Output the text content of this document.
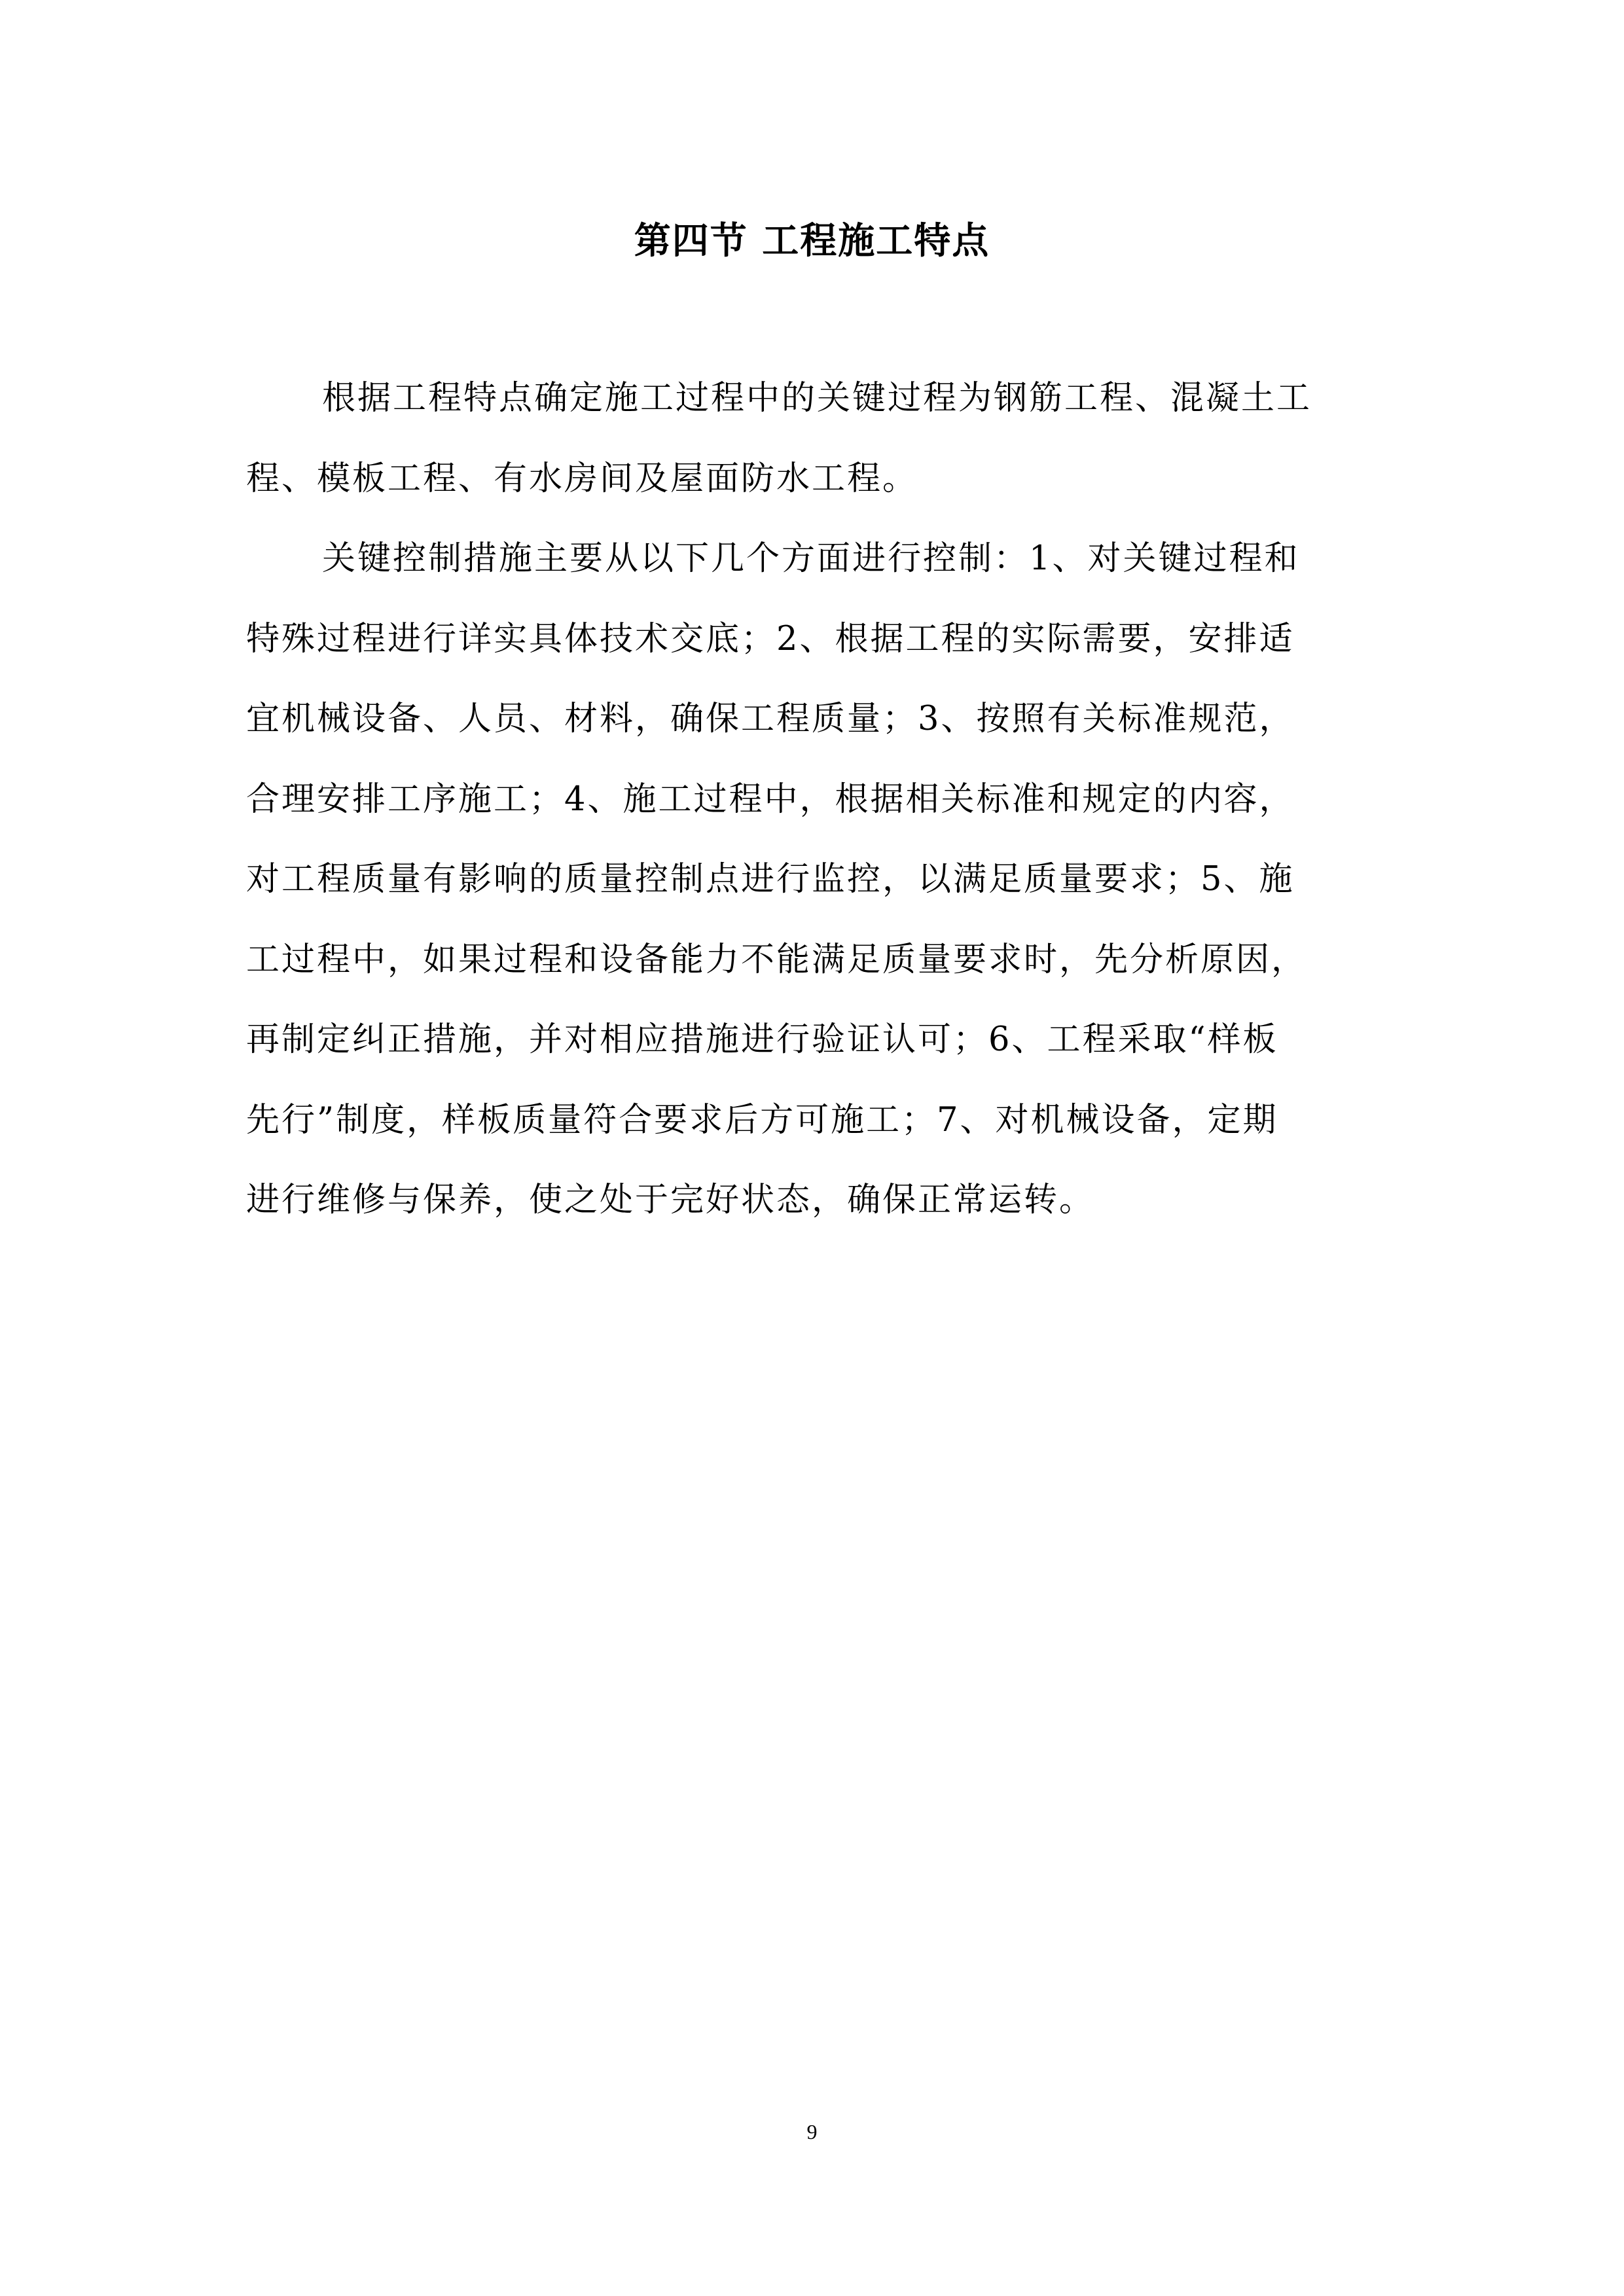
第四节 工程施工特点
根据工程特点确定施工过程中的关键过程为钢筋工程、混凝土工
程、模板工程、有水房间及屋面防水工程。
关键控制措施主要从以下几个方面进行控制：1、对关键过程和
特殊过程进行详实具体技术交底；2、根据工程的实际需要，安排适
宜机械设备、人员、材料，确保工程质量；3、按照有关标准规范，
合理安排工序施工；4、施工过程中，根据相关标准和规定的内容，
对工程质量有影响的质量控制点进行监控，以满足质量要求；5、施
工过程中，如果过程和设备能力不能满足质量要求时，先分析原因，
再制定纠正措施，并对相应措施进行验证认可；6、工程采取“样板
先行”制度，样板质量符合要求后方可施工；7、对机械设备，定期
进行维修与保养，使之处于完好状态，确保正常运转。
9
